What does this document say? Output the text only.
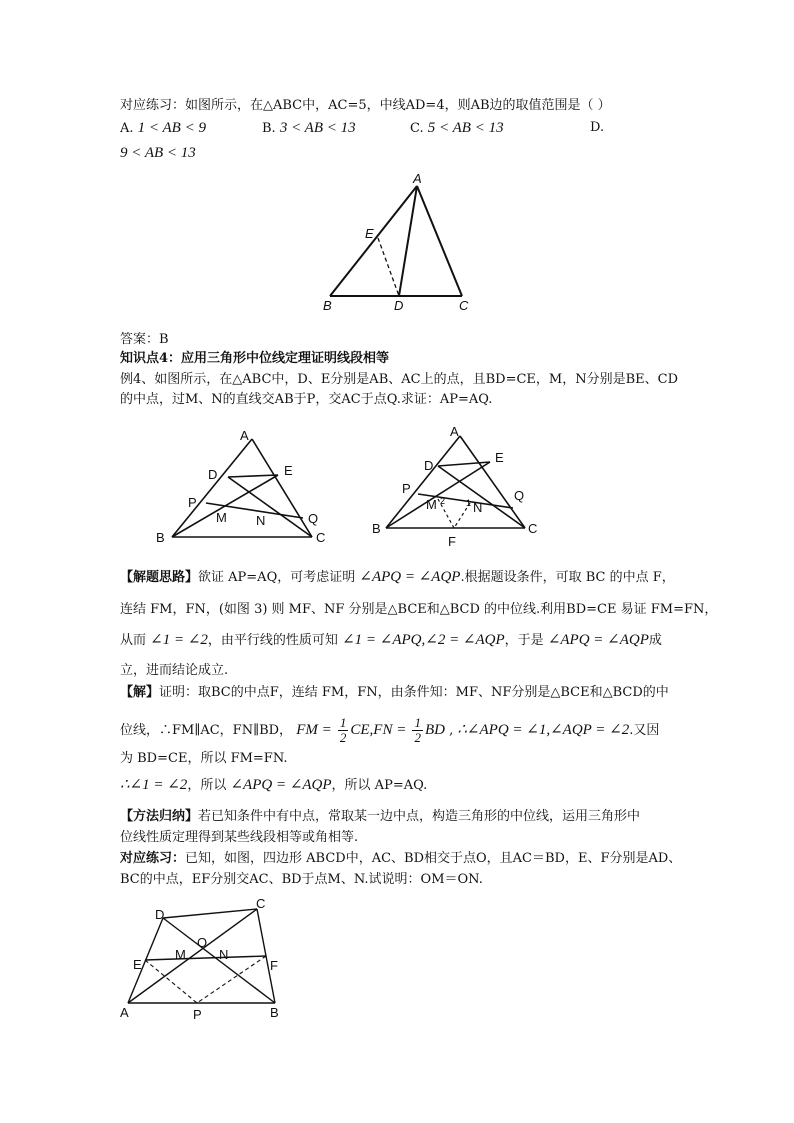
对应练习：如图所示，在△ABC中，AC=5，中线AD=4，则AB边的取值范围是（ ）
A. 1 < AB < 9	B. 3 < AB < 13	C. 5 < AB < 13	D.
9 < AB < 13
A
B	C
D
E
答案：B
知识点4：应用三角形中位线定理证明线段相等
例4、如图所示，在△ABC中，D、E分别是AB、AC上的点，且BD=CE，M，N分别是BE、CD
的中点，过M、N的直线交AB于P，交AC于点Q.求证：AP=AQ.
A
B	C
D	E
P
Q
M N
A
B	C
D
E
P	Q
M	N
F
2 1
【解题思路】欲证 AP=AQ，可考虑证明 ∠APQ = ∠AQP.根据题设条件，可取 BC 的中点 F，
连结 FM，FN，(如图 3) 则 MF、NF 分别是△BCE和△BCD 的中位线.利用BD=CE 易证 FM=FN，
从而 ∠1 = ∠2，由平行线的性质可知 ∠1 = ∠APQ,∠2 = ∠AQP，于是 ∠APQ = ∠AQP成
立，进而结论成立.
【解】证明：取BC的中点F，连结 FM，FN，由条件知：MF、NF分别是△BCE和△BCD的中
位线，∴FM∥AC，FN∥BD， FM = $\frac{1}{2} CE,FN = \frac{1}{2}$ BD , ∴∠APQ = ∠1,∠AQP = ∠2.又因
为 BD=CE，所以 FM=FN.
∴∠1 = ∠2，所以 ∠APQ = ∠AQP，所以 AP=AQ.
【方法归纳】若已知条件中有中点，常取某一边中点，构造三角形的中位线，运用三角形中
位线性质定理得到某些线段相等或角相等.
对应练习：已知，如图，四边形 ABCD中，AC、BD相交于点O，且AC＝BD，E、F分别是AD、
BC的中点，EF分别交AC、BD于点M、N.试说明：OM＝ON.
D
C
E	F
M	N
O
A	B
P
